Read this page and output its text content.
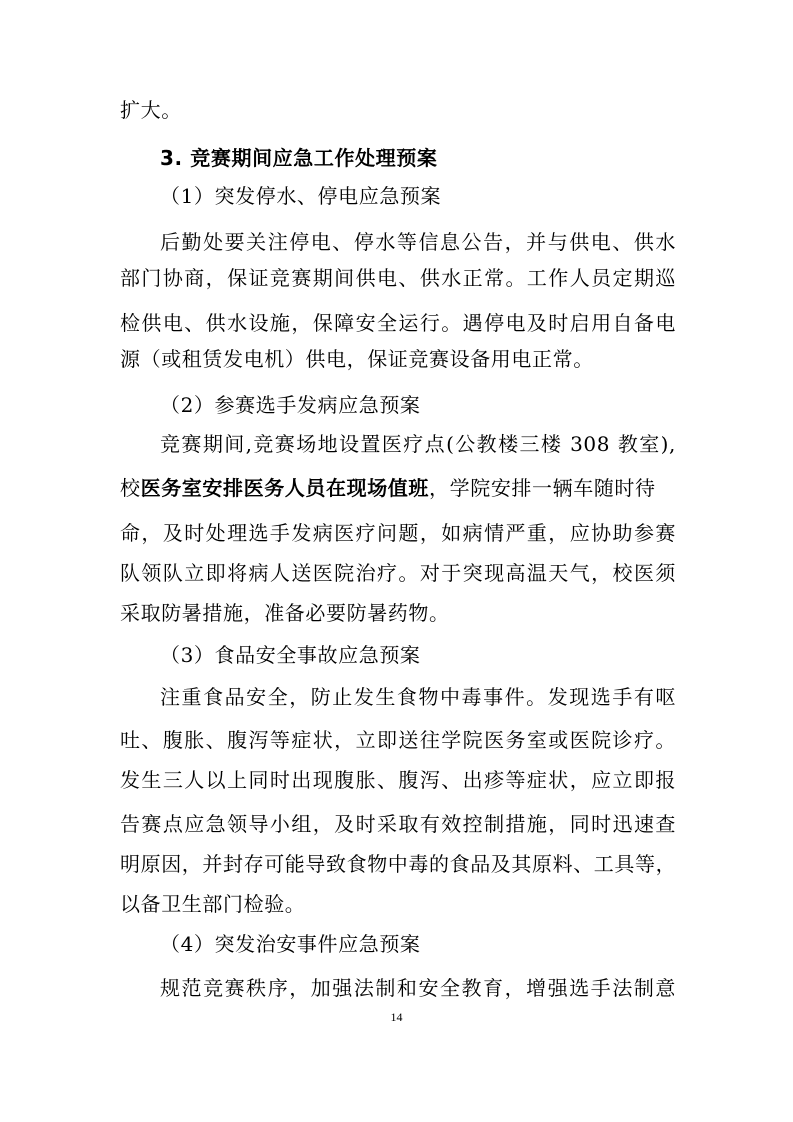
扩大。
3. 竞赛期间应急工作处理预案
（1）突发停水、停电应急预案
后勤处要关注停电、停水等信息公告，并与供电、供水
部门协商，保证竞赛期间供电、供水正常。工作人员定期巡
检供电、供水设施，保障安全运行。遇停电及时启用自备电
源（或租赁发电机）供电，保证竞赛设备用电正常。
（2）参赛选手发病应急预案
竞赛期间,竞赛场地设置医疗点(公教楼三楼 308 教室),
校医务室安排医务人员在现场值班，学院安排一辆车随时待
命，及时处理选手发病医疗问题，如病情严重，应协助参赛
队领队立即将病人送医院治疗。对于突现高温天气，校医须
采取防暑措施，准备必要防暑药物。
（3）食品安全事故应急预案
注重食品安全，防止发生食物中毒事件。发现选手有呕
吐、腹胀、腹泻等症状，立即送往学院医务室或医院诊疗。
发生三人以上同时出现腹胀、腹泻、出疹等症状，应立即报
告赛点应急领导小组，及时采取有效控制措施，同时迅速查
明原因，并封存可能导致食物中毒的食品及其原料、工具等，
以备卫生部门检验。
（4）突发治安事件应急预案
规范竞赛秩序，加强法制和安全教育，增强选手法制意
14
